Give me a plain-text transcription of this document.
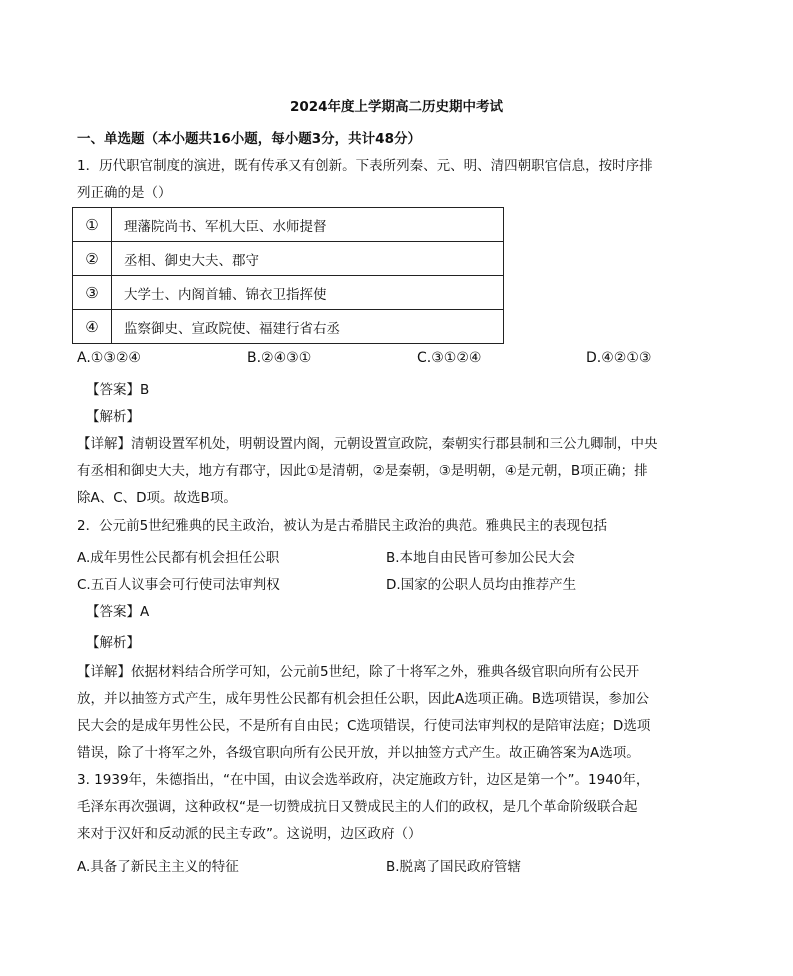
2024年度上学期高二历史期中考试
一、单选题（本小题共16小题，每小题3分，共计48分）
1．历代职官制度的演进，既有传承又有创新。下表所列秦、元、明、清四朝职官信息，按时序排
列正确的是（）
①	理藩院尚书、军机大臣、水师提督
②	丞相、御史大夫、郡守
③	大学士、内阁首辅、锦衣卫指挥使
④	监察御史、宣政院使、福建行省右丞
A.①③②④	B.②④③①	C.③①②④	D.④②①③
【答案】B
【解析】
【详解】清朝设置军机处，明朝设置内阁，元朝设置宣政院，秦朝实行郡县制和三公九卿制，中央
有丞相和御史大夫，地方有郡守，因此①是清朝，②是秦朝，③是明朝，④是元朝，B项正确；排
除A、C、D项。故选B项。
2．公元前5世纪雅典的民主政治，被认为是古希腊民主政治的典范。雅典民主的表现包括
A.成年男性公民都有机会担任公职	B.本地自由民皆可参加公民大会
C.五百人议事会可行使司法审判权	D.国家的公职人员均由推荐产生
【答案】A
【解析】
【详解】依据材料结合所学可知，公元前5世纪，除了十将军之外，雅典各级官职向所有公民开
放，并以抽签方式产生，成年男性公民都有机会担任公职，因此A选项正确。B选项错误，参加公
民大会的是成年男性公民，不是所有自由民；C选项错误，行使司法审判权的是陪审法庭；D选项
错误，除了十将军之外，各级官职向所有公民开放，并以抽签方式产生。故正确答案为A选项。
3. 1939年，朱德指出，“在中国，由议会选举政府，决定施政方针，边区是第一个”。1940年，
毛泽东再次强调，这种政权“是一切赞成抗日又赞成民主的人们的政权，是几个革命阶级联合起
来对于汉奸和反动派的民主专政”。这说明，边区政府（）
A.具备了新民主主义的特征	B.脱离了国民政府管辖
